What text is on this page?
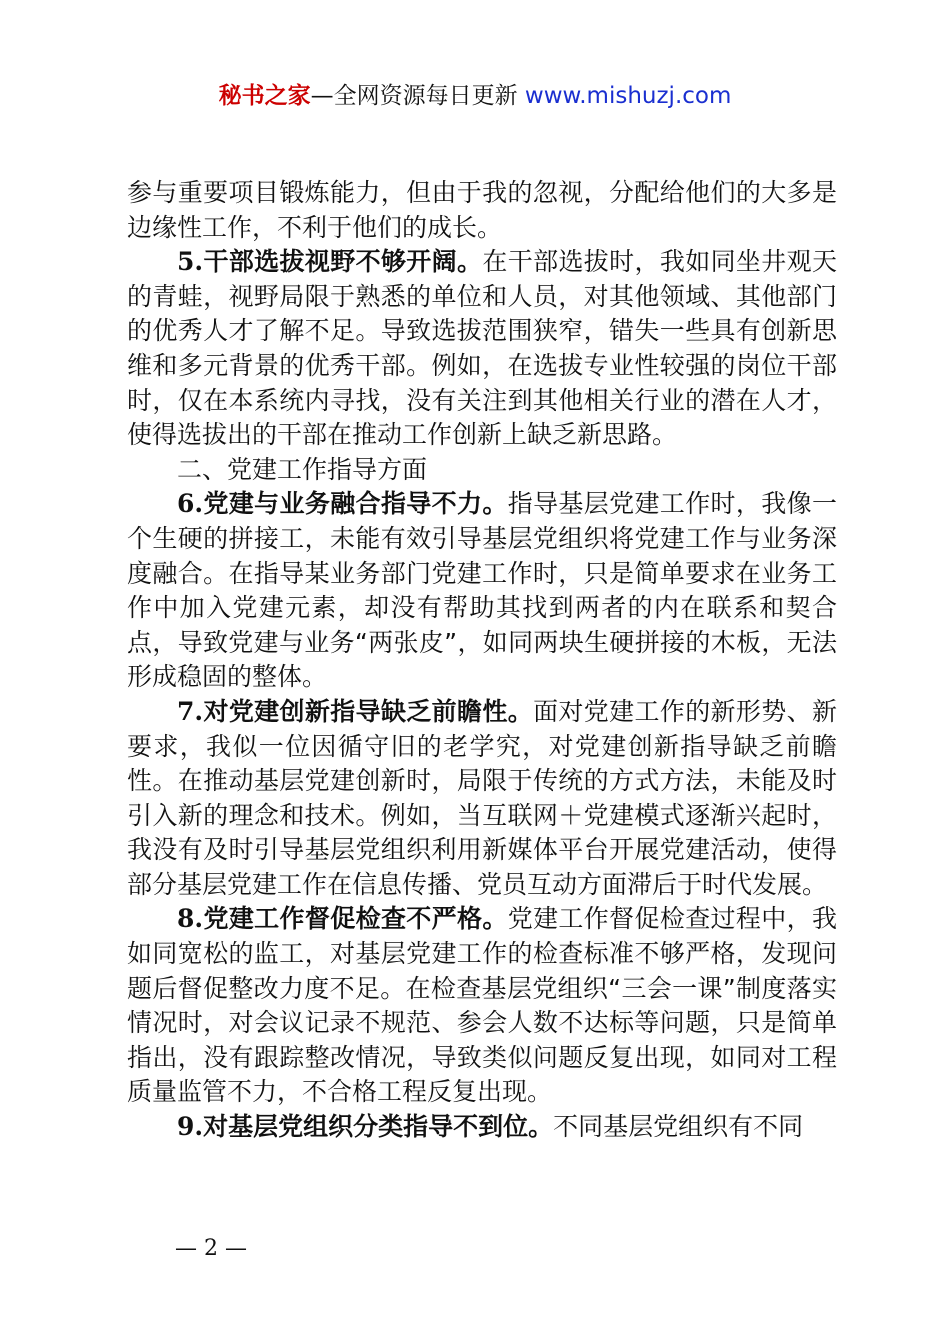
秘书之家—全网资源每日更新 www.mishuzj.com

参与重要项目锻炼能力，但由于我的忽视，分配给他们的大多是边缘性工作，不利于他们的成长。

5.干部选拔视野不够开阔。在干部选拔时，我如同坐井观天的青蛙，视野局限于熟悉的单位和人员，对其他领域、其他部门的优秀人才了解不足。导致选拔范围狭窄，错失一些具有创新思维和多元背景的优秀干部。例如，在选拔专业性较强的岗位干部时，仅在本系统内寻找，没有关注到其他相关行业的潜在人才，使得选拔出的干部在推动工作创新上缺乏新思路。

二、党建工作指导方面

6.党建与业务融合指导不力。指导基层党建工作时，我像一个生硬的拼接工，未能有效引导基层党组织将党建工作与业务深度融合。在指导某业务部门党建工作时，只是简单要求在业务工作中加入党建元素，却没有帮助其找到两者的内在联系和契合点，导致党建与业务“两张皮”，如同两块生硬拼接的木板，无法形成稳固的整体。

7.对党建创新指导缺乏前瞻性。面对党建工作的新形势、新要求，我似一位因循守旧的老学究，对党建创新指导缺乏前瞻性。在推动基层党建创新时，局限于传统的方式方法，未能及时引入新的理念和技术。例如，当互联网＋党建模式逐渐兴起时，我没有及时引导基层党组织利用新媒体平台开展党建活动，使得部分基层党建工作在信息传播、党员互动方面滞后于时代发展。

8.党建工作督促检查不严格。党建工作督促检查过程中，我如同宽松的监工，对基层党建工作的检查标准不够严格，发现问题后督促整改力度不足。在检查基层党组织“三会一课”制度落实情况时，对会议记录不规范、参会人数不达标等问题，只是简单指出，没有跟踪整改情况，导致类似问题反复出现，如同对工程质量监管不力，不合格工程反复出现。

9.对基层党组织分类指导不到位。不同基层党组织有不同

— 2 —
